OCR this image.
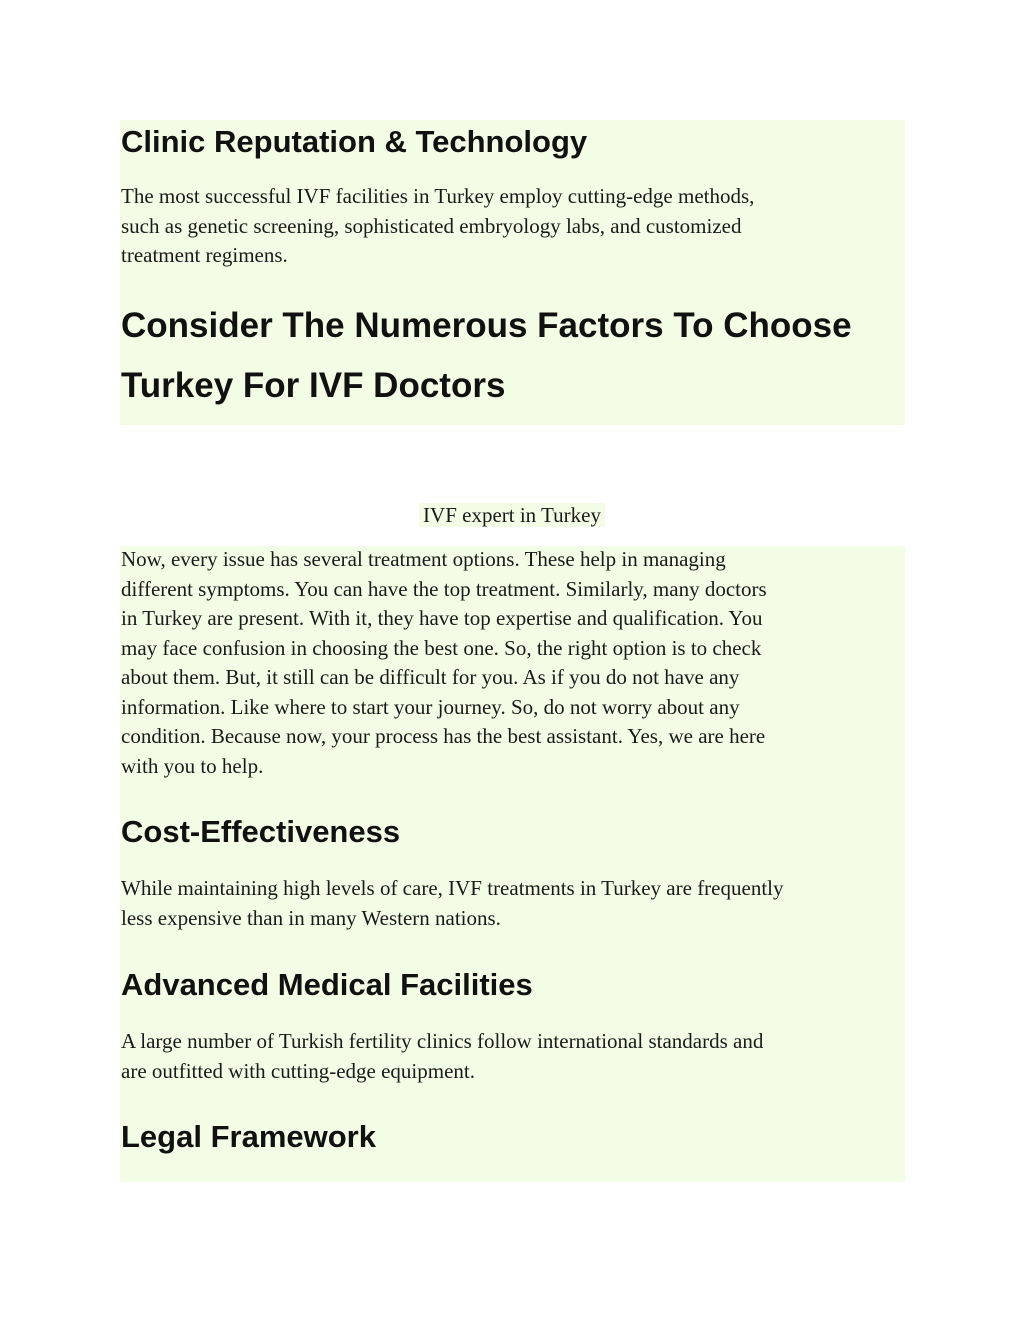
Clinic Reputation & Technology
The most successful IVF facilities in Turkey employ cutting-edge methods,
such as genetic screening, sophisticated embryology labs, and customized
treatment regimens.
Consider The Numerous Factors To Choose
Turkey For IVF Doctors
IVF expert in Turkey
Now, every issue has several treatment options. These help in managing
different symptoms. You can have the top treatment. Similarly, many doctors
in Turkey are present. With it, they have top expertise and qualification. You
may face confusion in choosing the best one. So, the right option is to check
about them. But, it still can be difficult for you. As if you do not have any
information. Like where to start your journey. So, do not worry about any
condition. Because now, your process has the best assistant. Yes, we are here
with you to help.
Cost-Effectiveness
While maintaining high levels of care, IVF treatments in Turkey are frequently
less expensive than in many Western nations.
Advanced Medical Facilities
A large number of Turkish fertility clinics follow international standards and
are outfitted with cutting-edge equipment.
Legal Framework
